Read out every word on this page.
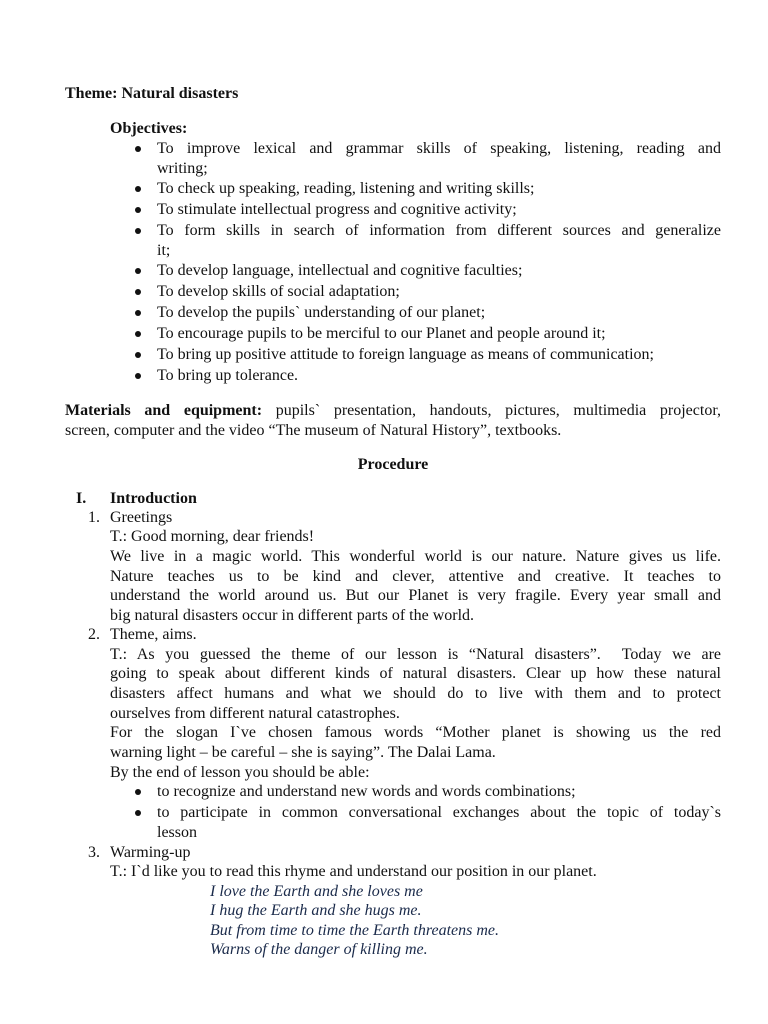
Theme: Natural disasters
Objectives:
To improve lexical and grammar skills of speaking, listening, reading and
writing;
To check up speaking, reading, listening and writing skills;
To stimulate intellectual progress and cognitive activity;
To form skills in search of information from different sources and generalize
it;
To develop language, intellectual and cognitive faculties;
To develop skills of social adaptation;
To develop the pupils` understanding of our planet;
To encourage pupils to be merciful to our Planet and people around it;
To bring up positive attitude to foreign language as means of communication;
To bring up tolerance.
Materials and equipment: pupils` presentation, handouts, pictures, multimedia projector,
screen, computer and the video “The museum of Natural History”, textbooks.
Procedure
I. Introduction
1. Greetings
T.: Good morning, dear friends!
We live in a magic world. This wonderful world is our nature. Nature gives us life.
Nature teaches us to be kind and clever, attentive and creative. It teaches to
understand the world around us. But our Planet is very fragile. Every year small and
big natural disasters occur in different parts of the world.
2. Theme, aims.
T.: As you guessed the theme of our lesson is “Natural disasters”.  Today we are
going to speak about different kinds of natural disasters. Clear up how these natural
disasters affect humans and what we should do to live with them and to protect
ourselves from different natural catastrophes.
For the slogan I`ve chosen famous words “Mother planet is showing us the red
warning light – be careful – she is saying”. The Dalai Lama.
By the end of lesson you should be able:
to recognize and understand new words and words combinations;
to participate in common conversational exchanges about the topic of today`s
lesson
3. Warming-up
T.: I`d like you to read this rhyme and understand our position in our planet.
I love the Earth and she loves me
I hug the Earth and she hugs me.
But from time to time the Earth threatens me.
Warns of the danger of killing me.
